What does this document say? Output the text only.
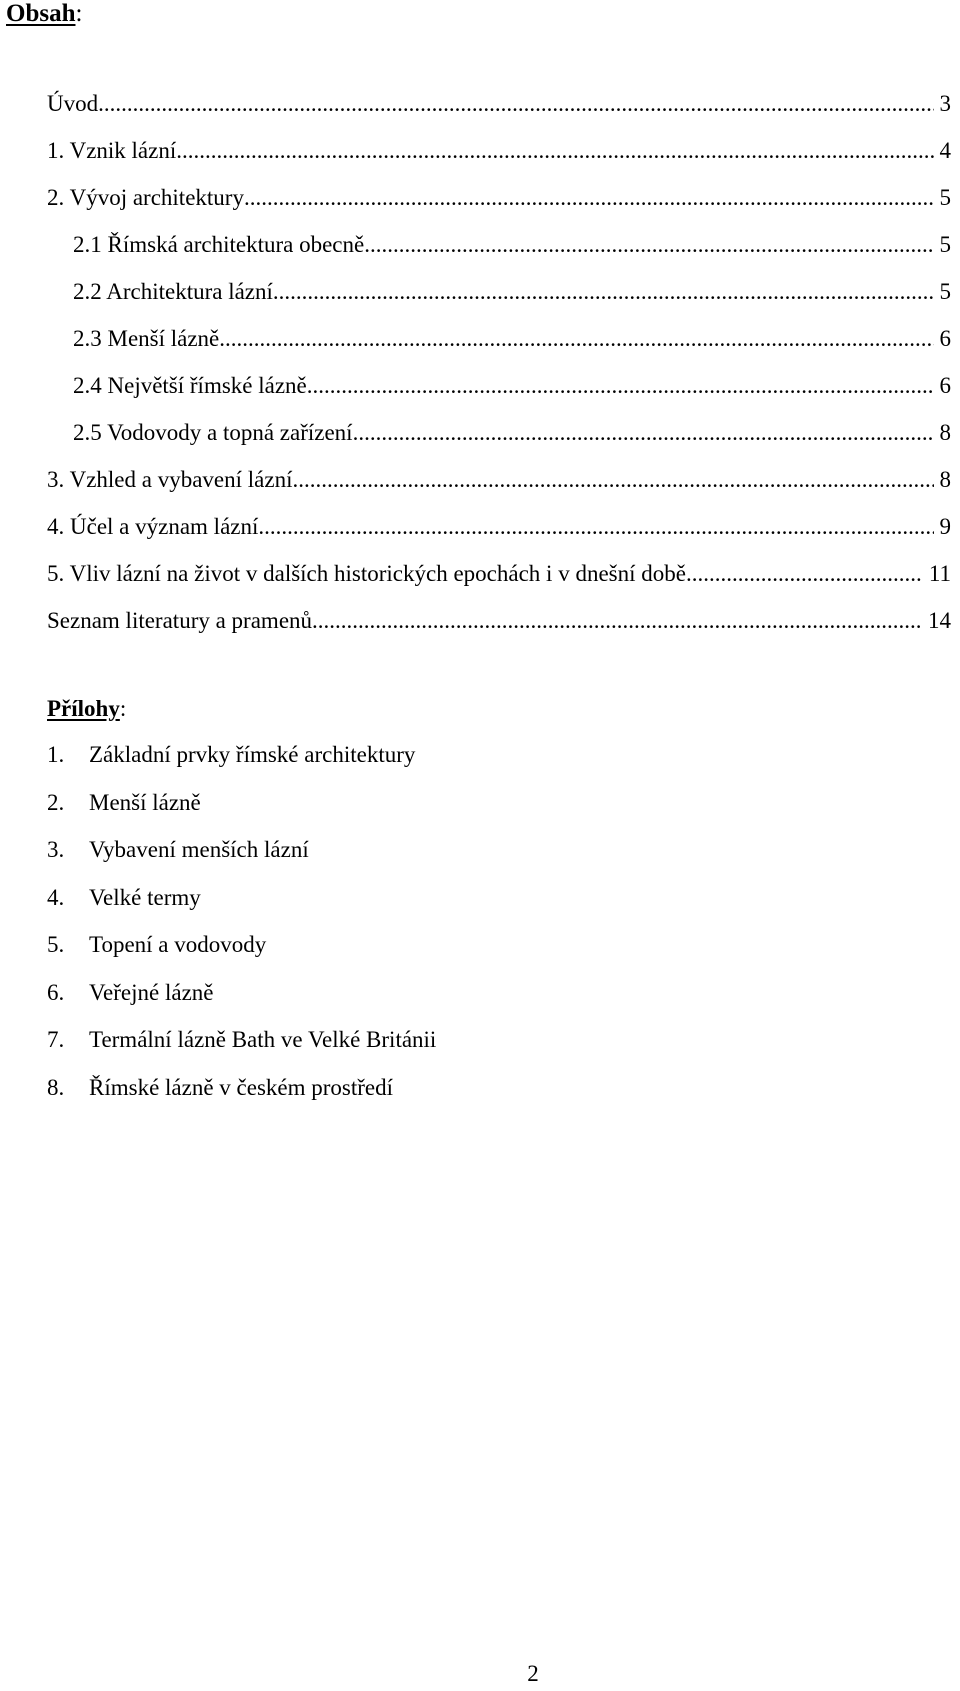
Obsah:
Úvod .....	3
1. Vznik lázní .....	4
2. Vývoj architektury .....	5
2.1 Římská architektura obecně .....	5
2.2 Architektura lázní .....	5
2.3 Menší lázně .....	6
2.4 Největší římské lázně .....	6
2.5 Vodovody a topná zařízení .....	8
3. Vzhled a vybavení lázní .....	8
4. Účel a význam lázní .....	9
5. Vliv lázní na život v dalších historických epochách i v dnešní době .....	11
Seznam literatury a pramenů .....	14
Přílohy:
1.	Základní prvky římské architektury
2.	Menší lázně
3.	Vybavení menších lázní
4.	Velké termy
5.	Topení a vodovody
6.	Veřejné lázně
7.	Termální lázně Bath ve Velké Británii
8.	Římské lázně v českém prostředí
2
